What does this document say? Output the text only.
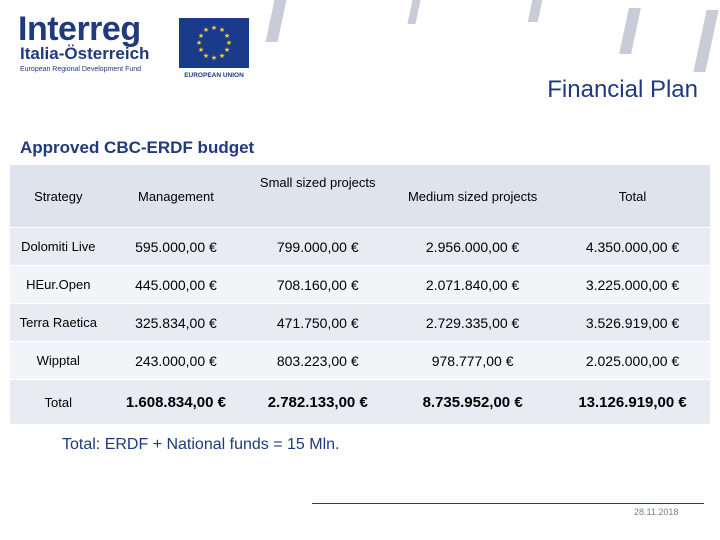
Interreg
Italia-Österreich
European Regional Development Fund
★ ★
★
★
★
★
★
★
★
★
★
★
EUROPEAN UNION
Financial Plan
Approved CBC-ERDF budget
Strategy	Management	Small sized projects	Medium sized projects	Total
Dolomiti Live	595.000,00 €	799.000,00 €	2.956.000,00 €	4.350.000,00 €
HEur.Open	445.000,00 €	708.160,00 €	2.071.840,00 €	3.225.000,00 €
Terra Raetica	325.834,00 €	471.750,00 €	2.729.335,00 €	3.526.919,00 €
Wipptal	243.000,00 €	803.223,00 €	978.777,00 €	2.025.000,00 €
Total	1.608.834,00 €	2.782.133,00 €	8.735.952,00 €	13.126.919,00 €
Total: ERDF + National funds = 15 Mln.
28.11.2018
